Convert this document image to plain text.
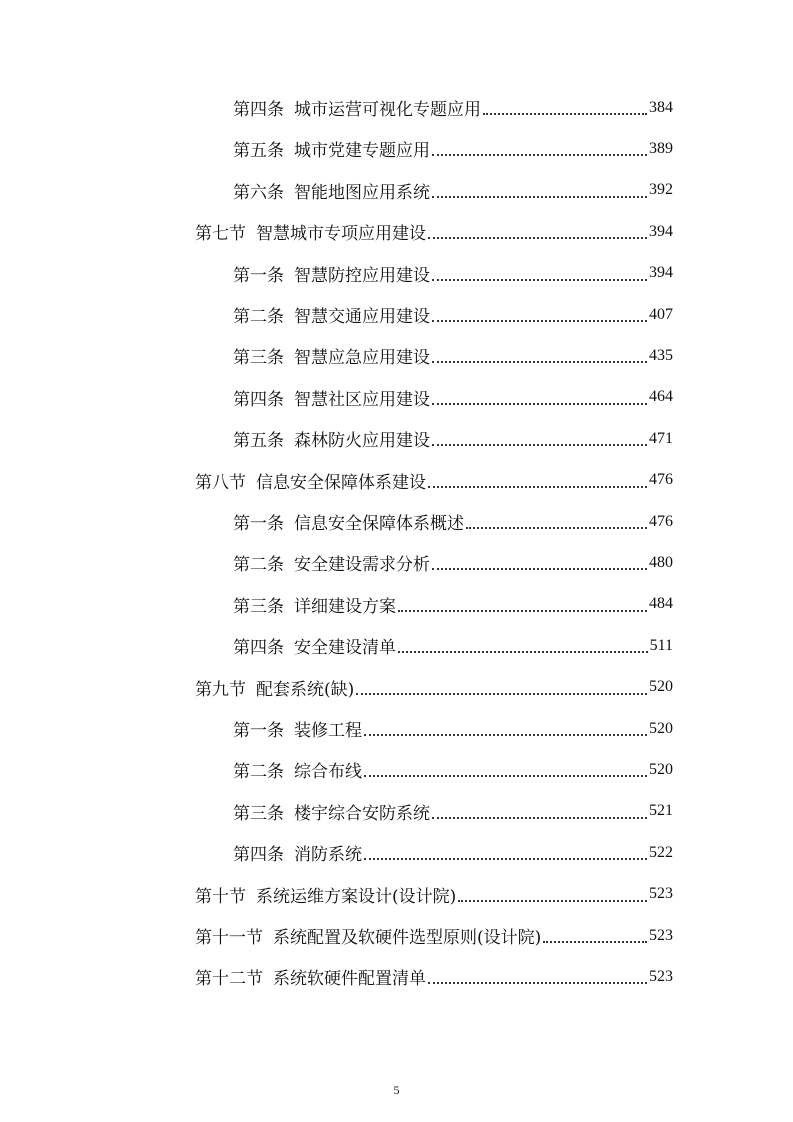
第四条 城市运营可视化专题应用	384
第五条 城市党建专题应用	389
第六条 智能地图应用系统	392
第七节 智慧城市专项应用建设	394
第一条 智慧防控应用建设	394
第二条 智慧交通应用建设	407
第三条 智慧应急应用建设	435
第四条 智慧社区应用建设	464
第五条 森林防火应用建设	471
第八节 信息安全保障体系建设	476
第一条 信息安全保障体系概述	476
第二条 安全建设需求分析	480
第三条 详细建设方案	484
第四条 安全建设清单	511
第九节 配套系统(缺)	520
第一条 装修工程	520
第二条 综合布线	520
第三条 楼宇综合安防系统	521
第四条 消防系统	522
第十节 系统运维方案设计(设计院)	523
第十一节 系统配置及软硬件选型原则(设计院)	523
第十二节 系统软硬件配置清单	523
5
